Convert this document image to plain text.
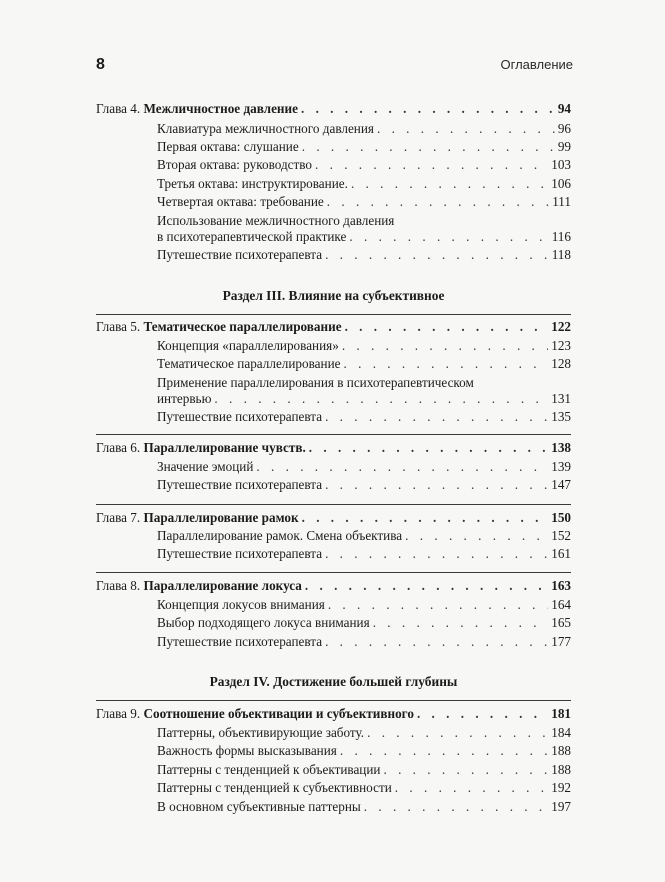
8	Оглавление
Глава 4. Межличностное давление . . .	94
Клавиатура межличностного давления . . .	96
Первая октава: слушание . . .	99
Вторая октава: руководство . . .	103
Третья октава: инструктирование. . . .	106
Четвертая октава: требование . . .	111
Использование межличностного давления
в психотерапевтической практике . . .	116
Путешествие психотерапевта . . .	118
Раздел III. Влияние на субъективное
Глава 5. Тематическое параллелирование . . .	122
Концепция «параллелирования» . . .	123
Тематическое параллелирование . . .	128
Применение параллелирования в психотерапевтическом
интервью . . .	131
Путешествие психотерапевта . . .	135
Глава 6. Параллелирование чувств. . . .	138
Значение эмоций . . .	139
Путешествие психотерапевта . . .	147
Глава 7. Параллелирование рамок . . .	150
Параллелирование рамок. Смена объектива . . .	152
Путешествие психотерапевта . . .	161
Глава 8. Параллелирование локуса . . .	163
Концепция локусов внимания . . .	164
Выбор подходящего локуса внимания . . .	165
Путешествие психотерапевта . . .	177
Раздел IV. Достижение большей глубины
Глава 9. Соотношение объективации и субъективного . . .	181
Паттерны, объективирующие заботу. . . .	184
Важность формы высказывания . . .	188
Паттерны с тенденцией к объективации . . .	188
Паттерны с тенденцией к субъективности . . .	192
В основном субъективные паттерны . . .	197
